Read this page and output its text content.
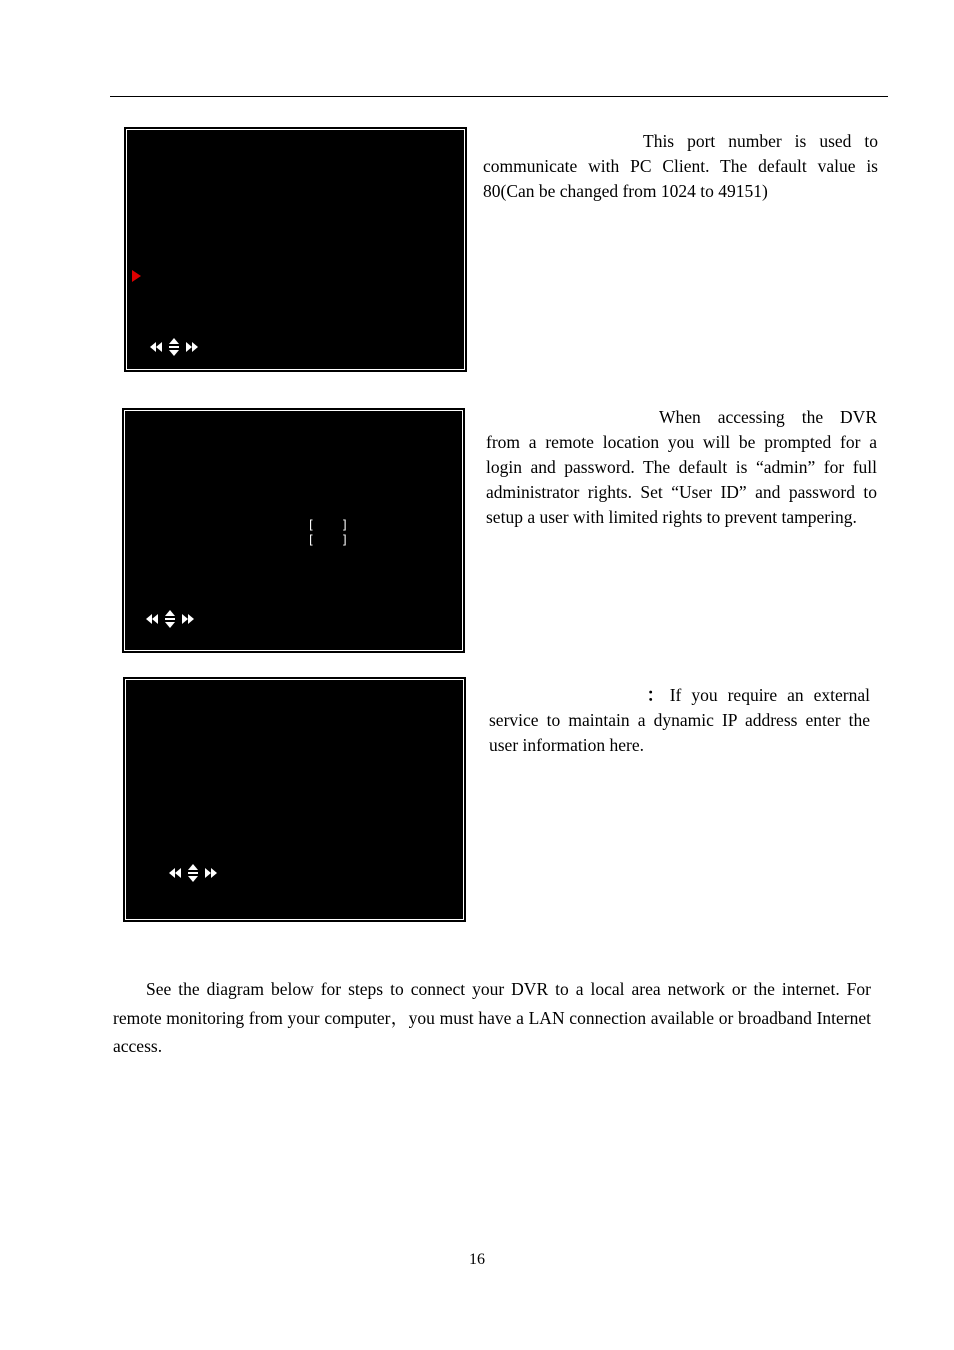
[ ]
[ ]

This port number is used to communicate with PC Client. The default value is 80(Can be changed from 1024 to 49151)

When accessing the DVR from a remote location you will be prompted for a login and password. The default is “admin” for full administrator rights. Set “User ID” and password to setup a user with limited rights to prevent tampering.

：If you require an external service to maintain a dynamic IP address enter the user information here.

See the diagram below for steps to connect your DVR to a local area network or the internet. For remote monitoring from your computer，you must have a LAN connection available or broadband Internet access.

16
